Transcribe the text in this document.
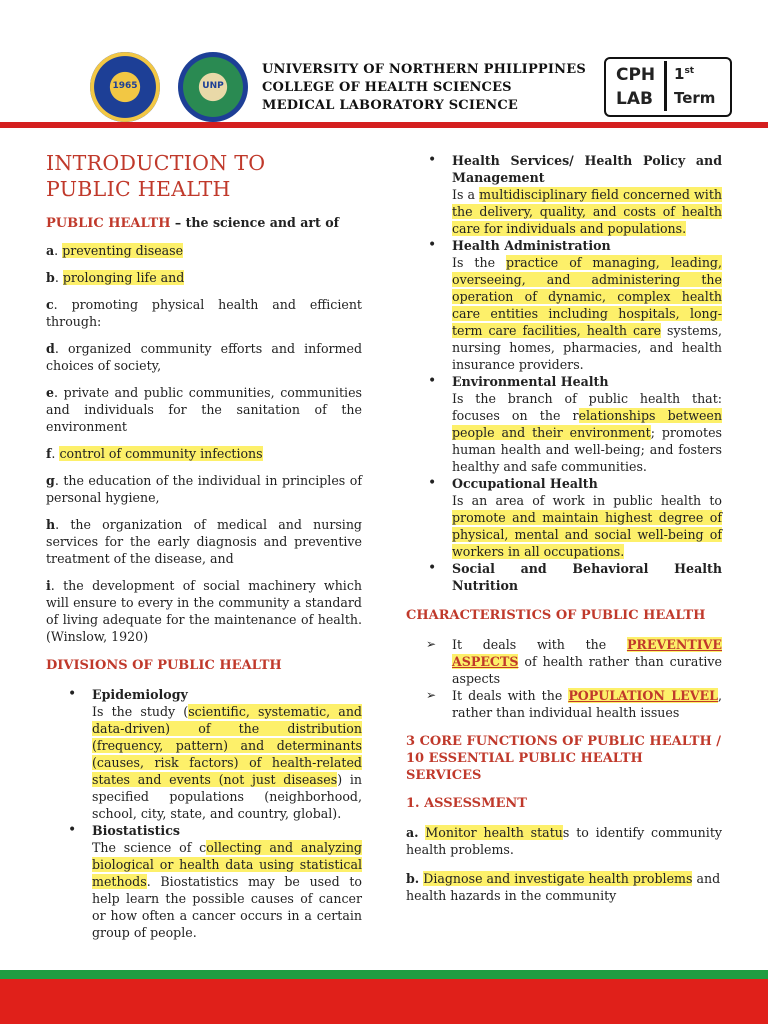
1965	UNP
UNIVERSITY OF NORTHERN PHILIPPINES
COLLEGE OF HEALTH SCIENCES
MEDICAL LABORATORY SCIENCE
CPH
LAB
1st
Term
INTRODUCTION TO
PUBLIC HEALTH

PUBLIC HEALTH – the science and art of

a. preventing disease

b. prolonging life and

c. promoting physical health and efficient through:

d. organized community efforts and informed choices of society,

e. private and public communities, communities and individuals for the sanitation of the environment

f. control of community infections

g. the education of the individual in principles of personal hygiene,

h. the organization of medical and nursing services for the early diagnosis and preventive treatment of the disease, and

i. the development of social machinery which will ensure to every in the community a standard of living adequate for the maintenance of health. (Winslow, 1920)

DIVISIONS OF PUBLIC HEALTH

• Epidemiology
Is the study (scientific, systematic, and data-driven) of the distribution (frequency, pattern) and determinants (causes, risk factors) of health-related states and events (not just diseases) in specified populations (neighborhood, school, city, state, and country, global).
• Biostatistics
The science of collecting and analyzing biological or health data using statistical methods. Biostatistics may be used to help learn the possible causes of cancer or how often a cancer occurs in a certain group of people.
• Health Services/ Health Policy and Management
Is a multidisciplinary field concerned with the delivery, quality, and costs of health care for individuals and populations.
• Health Administration
Is the practice of managing, leading, overseeing, and administering the operation of dynamic, complex health care entities including hospitals, long-term care facilities, health care systems, nursing homes, pharmacies, and health insurance providers.
• Environmental Health
Is the branch of public health that: focuses on the relationships between people and their environment; promotes human health and well-being; and fosters healthy and safe communities.
• Occupational Health
Is an area of work in public health to promote and maintain highest degree of physical, mental and social well-being of workers in all occupations.
• Social and Behavioral Health Nutrition

CHARACTERISTICS OF PUBLIC HEALTH

➢ It deals with the PREVENTIVE ASPECTS of health rather than curative aspects
➢ It deals with the POPULATION LEVEL, rather than individual health issues

3 CORE FUNCTIONS OF PUBLIC HEALTH / 10 ESSENTIAL PUBLIC HEALTH SERVICES

1. ASSESSMENT

a. Monitor health status to identify community health problems.

b. Diagnose and investigate health problems and health hazards in the community
